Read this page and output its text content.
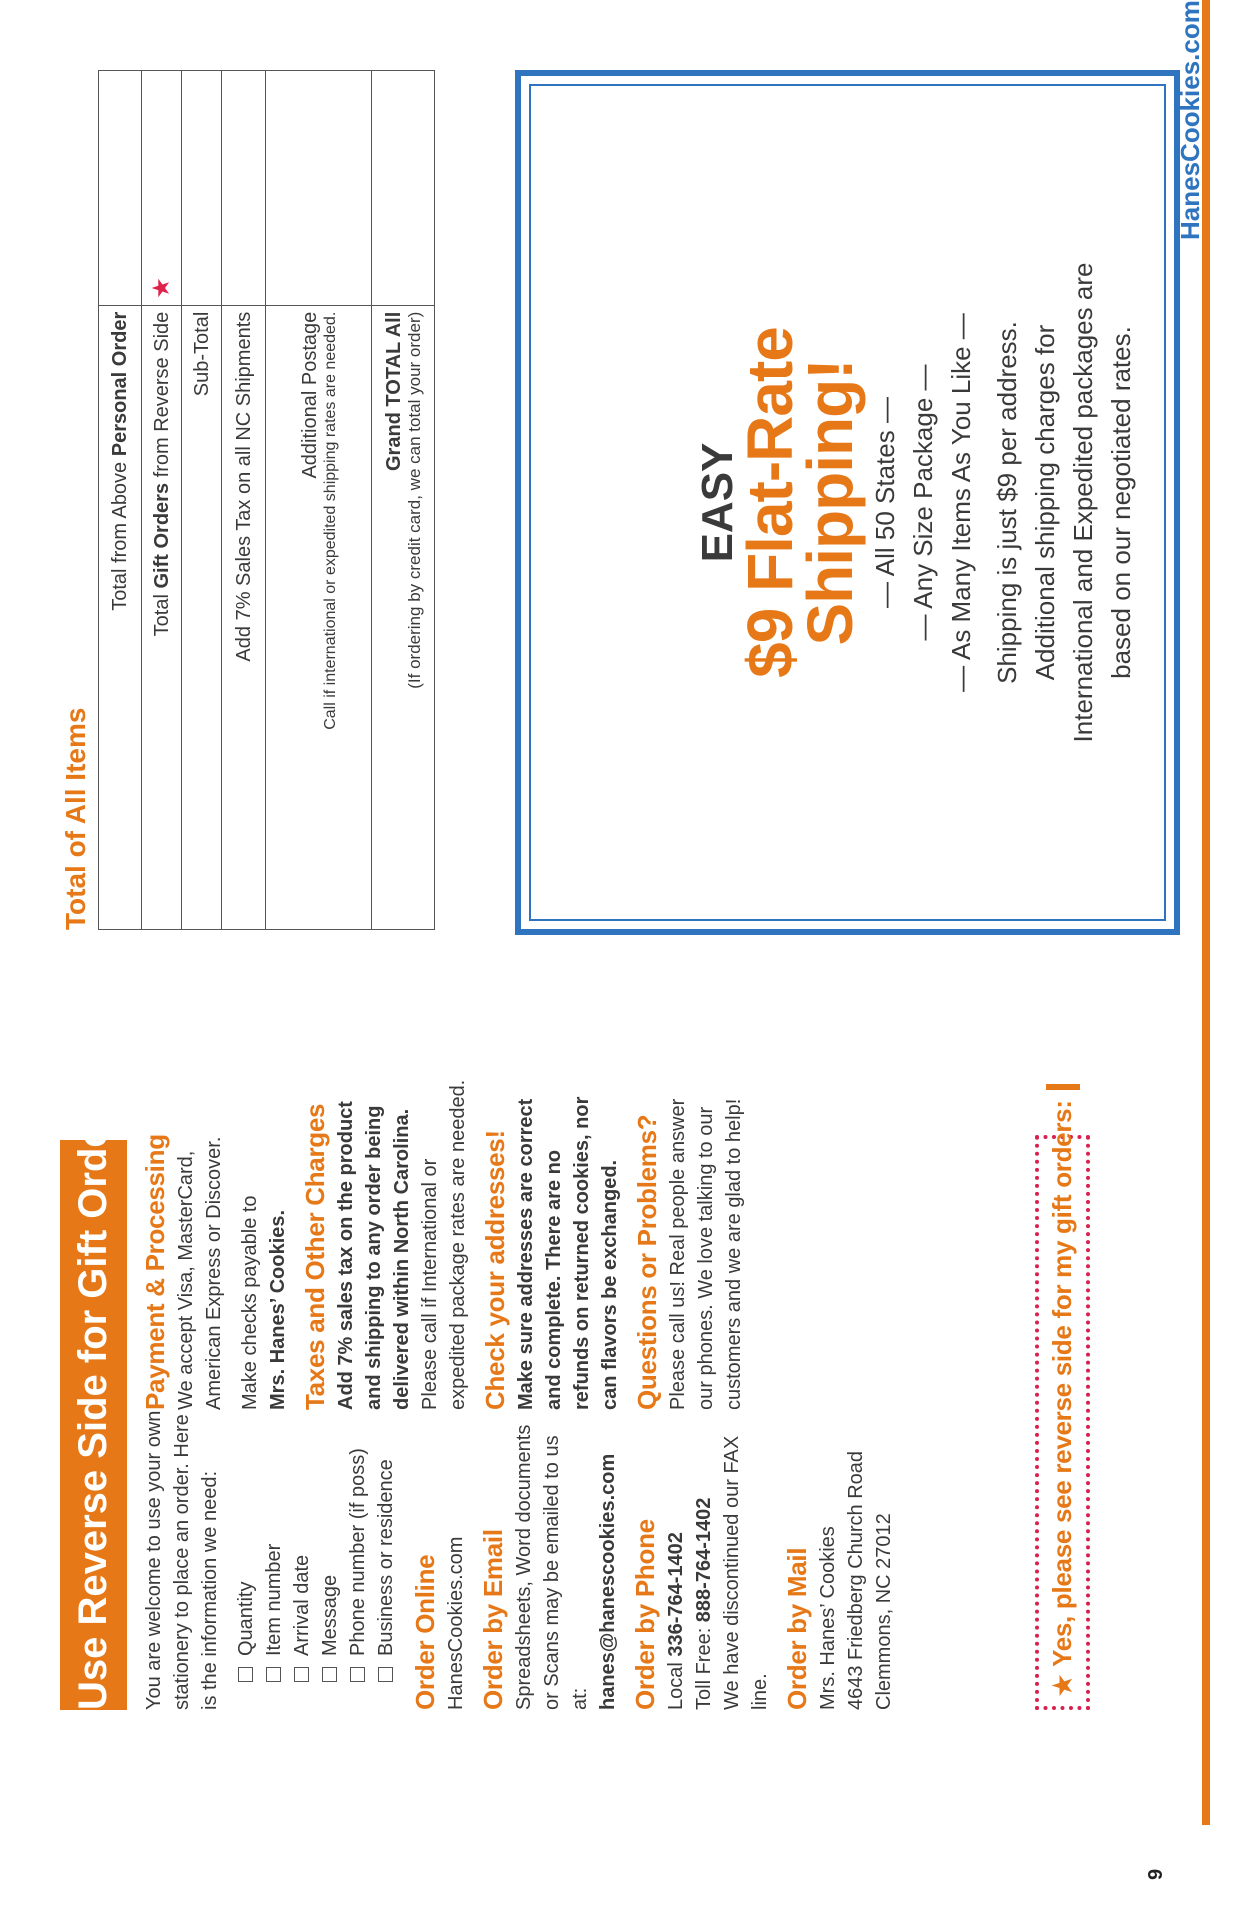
HanesCookies.com
9
Use Reverse Side for Gift Orders	You are welcome to use your own stationery to place an order. Here is the information we need: Quantity Item number Arrival date Message Phone number (if poss) Business or residence Order Online HanesCookies.com Order by Email Spreadsheets, Word documents or Scans may be emailed to us at: hanes@hanescookies.com Order by Phone Local 336-764-1402
Toll Free: 888-764-1402 We have discontinued our FAX line. Order by Mail Mrs. Hanes’ Cookies 4643 Friedberg Church Road Clemmons, NC 27012

Payment & Processing We accept Visa, MasterCard, American Express or Discover. Make checks payable to Mrs. Hanes’ Cookies. Taxes and Other Charges Add 7% sales tax on the product and shipping to any order being delivered within North Carolina. Please call if International or expedited package rates are needed. Check your addresses! Make sure addresses are correct and complete. There are no refunds on returned cookies, nor can flavors be exchanged. Questions or Problems? Please call us! Real people answer our phones. We love talking to our customers and we are glad to help!

★
Yes, please see reverse side for my gift orders:
Total of All Items
Total from Above Personal Order	
Total Gift Orders from Reverse Side	★
Sub-Total	
Add 7% Sales Tax on all NC Shipments	
Additional Postage Call if international or expedited shipping rates are needed.	

Grand TOTAL All (If ordering by credit card, we can total your order)	
		EASY
$9 Flat-Rate
Shipping! — All 50 States — — Any Size Package — — As Many Items As You Like — Shipping is just $9 per address. Additional shipping charges for International and Expedited packages are based on our negotiated rates.
